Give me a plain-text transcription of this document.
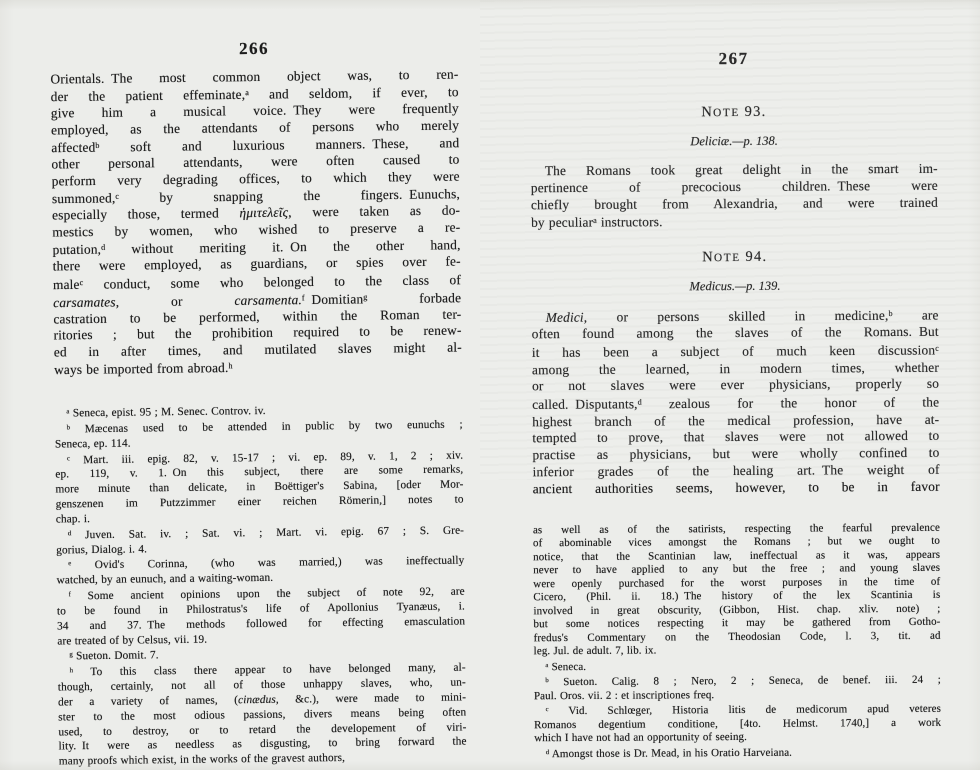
266
Orientals. The most common object was, to ren-
der the patient effeminate,$^a$ and seldom, if ever, to
give him a musical voice. They were frequently
employed, as the attendants of persons who merely
affected$^b$ soft and luxurious manners. These, and
other personal attendants, were often caused to
perform very degrading offices, to which they were
summoned,$^c$ by snapping the fingers. Eunuchs,
especially those, termed ἡμιτελεῖς, were taken as do-
mestics by women, who wished to preserve a re-
putation,$^d$ without meriting it. On the other hand,
there were employed, as guardians, or spies over fe-
male$^c$ conduct, some who belonged to the class of
carsamates, or carsamenta.$^f$ Domitian$^g$ forbade
castration to be performed, within the Roman ter-
ritories ; but the prohibition required to be renew-
ed in after times, and mutilated slaves might al-
ways be imported from abroad.$^h$
$^a$ Seneca, epist. 95 ; M. Senec. Controv. iv.
$^b$ Mæcenas used to be attended in public by two eunuchs ;
Seneca, ep. 114.
$^c$ Mart. iii. epig. 82, v. 15-17 ; vi. ep. 89, v. 1, 2 ; xiv.
ep. 119, v. 1. On this subject, there are some remarks,
more minute than delicate, in Boëttiger's Sabina, [oder Mor-
genszenen im Putzzimmer einer reichen Römerin,] notes to
chap. i.
$^d$ Juven. Sat. iv. ; Sat. vi. ; Mart. vi. epig. 67 ; S. Gre-
gorius, Dialog. i. 4.
$^e$ Ovid's Corinna, (who was married,) was ineffectually
watched, by an eunuch, and a waiting-woman.
$^f$ Some ancient opinions upon the subject of note 92, are
to be found in Philostratus's life of Apollonius Tyanæus, i.
34 and 37. The methods followed for effecting emasculation
are treated of by Celsus, vii. 19.
$^g$ Sueton. Domit. 7.
$^h$ To this class there appear to have belonged many, al-
though, certainly, not all of those unhappy slaves, who, un-
der a variety of names, (cinædus, &c.), were made to mini-
ster to the most odious passions, divers means being often
used, to destroy, or to retard the developement of viri-
lity. It were as needless as disgusting, to bring forward the
many proofs which exist, in the works of the gravest authors,
267
NOTE 93.
Deliciæ.—p. 138.
The Romans took great delight in the smart im-
pertinence of precocious children. These were
chiefly brought from Alexandria, and were trained
by peculiar$^a$ instructors.
NOTE 94.
Medicus.—p. 139.
Medici, or persons skilled in medicine,$^b$ are
often found among the slaves of the Romans. But
it has been a subject of much keen discussion$^c$
among the learned, in modern times, whether
or not slaves were ever physicians, properly so
called. Disputants,$^d$ zealous for the honor of the
highest branch of the medical profession, have at-
tempted to prove, that slaves were not allowed to
practise as physicians, but were wholly confined to
inferior grades of the healing art. The weight of
ancient authorities seems, however, to be in favor
as well as of the satirists, respecting the fearful prevalence
of abominable vices amongst the Romans ; but we ought to
notice, that the Scantinian law, ineffectual as it was, appears
never to have applied to any but the free ; and young slaves
were openly purchased for the worst purposes in the time of
Cicero, (Phil. ii. 18.) The history of the lex Scantinia is
involved in great obscurity, (Gibbon, Hist. chap. xliv. note) ;
but some notices respecting it may be gathered from Gotho-
fredus's Commentary on the Theodosian Code, l. 3, tit. ad
leg. Jul. de adult. 7, lib. ix.
$^a$ Seneca.
$^b$ Sueton. Calig. 8 ; Nero, 2 ; Seneca, de benef. iii. 24 ;
Paul. Oros. vii. 2 : et inscriptiones freq.
$^c$ Vid. Schlœger, Historia litis de medicorum apud veteres
Romanos degentium conditione, [4to. Helmst. 1740,] a work
which I have not had an opportunity of seeing.
$^d$ Amongst those is Dr. Mead, in his Oratio Harveiana.
